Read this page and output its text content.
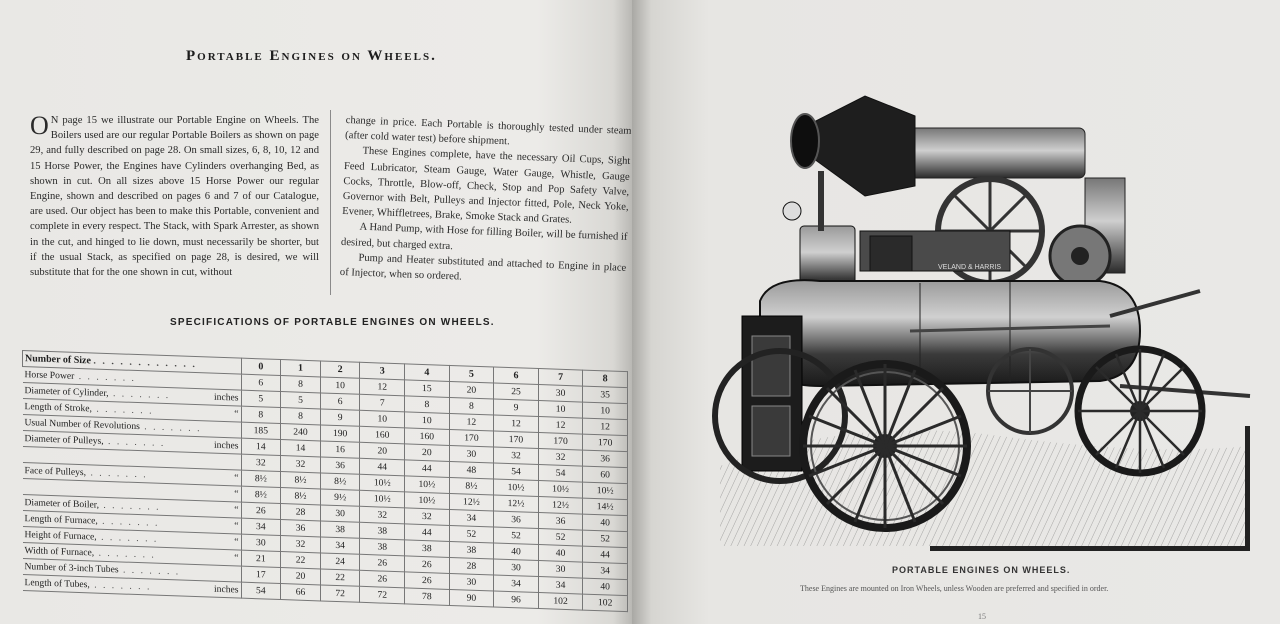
Portable Engines on Wheels.
O N page 15 we illustrate our Portable Engine on Wheels. The Boilers used are our regular Portable Boilers as shown on page 29, and fully described on page 28. On small sizes, 6, 8, 10, 12 and 15 Horse Power, the Engines have Cylinders overhanging Bed, as shown in cut. On all sizes above 15 Horse Power our regular Engine, shown and described on pages 6 and 7 of our Catalogue, are used. Our object has been to make this Portable, convenient and complete in every respect. The Stack, with Spark Arrester, as shown in the cut, and hinged to lie down, must necessarily be shorter, but if the usual Stack, as specified on page 28, is desired, we will substitute that for the one shown in cut, without

change in price. Each Portable is thoroughly tested under steam (after cold water test) before shipment.

These Engines complete, have the necessary Oil Cups, Sight Feed Lubricator, Steam Gauge, Water Gauge, Whistle, Gauge Cocks, Throttle, Blow-off, Check, Stop and Pop Safety Valve, Governor with Belt, Pulleys and Injector fitted, Pole, Neck Yoke, Evener, Whiffletrees, Brake, Smoke Stack and Grates.

A Hand Pump, with Hose for filling Boiler, will be furnished if desired, but charged extra.

Pump and Heater substituted and attached to Engine in place of Injector, when so ordered.

SPECIFICATIONS OF PORTABLE ENGINES ON WHEELS.
Number of Size . . . . . . . . . . . .	0	1	2	3	4	5	6	7	8
Horse Power . . . . . . .	6	8	10	12	15	20	25	30	35
Diameter of Cylinder, . . . . . . . inches	5	5	6	7	8	8	9	10	10
Length of Stroke, . . . . . . . “	8	8	9	10	10	12	12	12	12
Usual Number of Revolutions . . . . . . .	185	240	190	160	160	170	170	170	170
Diameter of Pulleys, . . . . . . . inches	14	14	16	20	20	30	32	32	36

	32	32	36	44	44	48	54	54	60
Face of Pulleys, . . . . . . . “	8½	8½	8½	10½	10½	8½	10½	10½	10½

“	8½	8½	9½	10½	10½	12½	12½	12½	14½
Diameter of Boiler, . . . . . . . “	26	28	30	32	32	34	36	36	40
Length of Furnace, . . . . . . . “	34	36	38	38	44	52	52	52	52
Height of Furnace, . . . . . . . “	30	32	34	38	38	38	40	40	44
Width of Furnace, . . . . . . . “	21	22	24	26	26	28	30	30	34
Number of 3-inch Tubes . . . . . . .	17	20	22	26	26	30	34	34	40
Length of Tubes, . . . . . . . inches	54	66	72	72	78	90	96	102	102
VELAND & HARRIS
PORTABLE ENGINES ON WHEELS.
These Engines are mounted on Iron Wheels, unless Wooden are preferred and specified in order.
15
